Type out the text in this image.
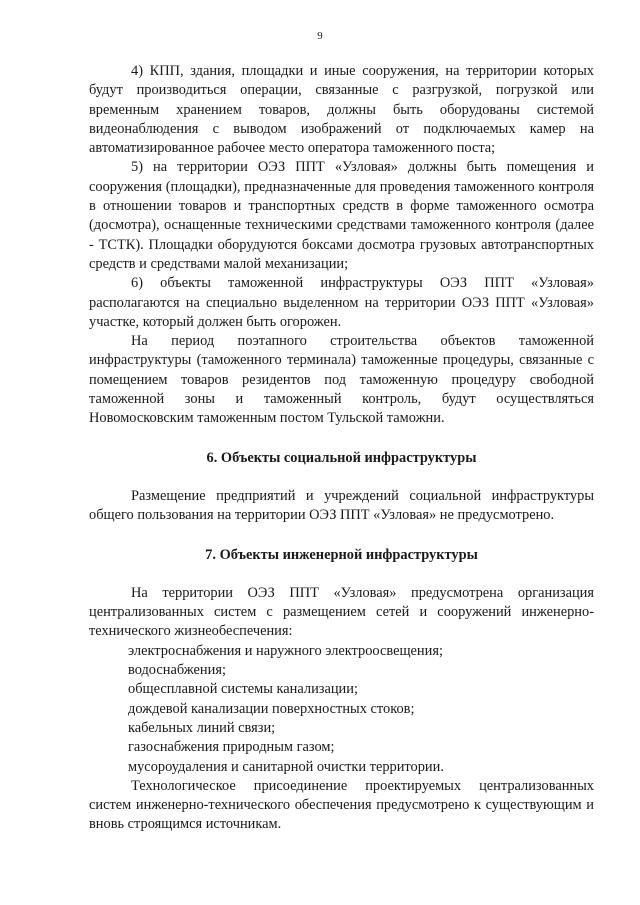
9

4) КПП, здания, площадки и иные сооружения, на территории которых будут производиться операции, связанные с разгрузкой, погрузкой или временным хранением товаров, должны быть оборудованы системой видеонаблюдения с выводом изображений от подключаемых камер на автоматизированное рабочее место оператора таможенного поста;

5) на территории ОЭЗ ППТ «Узловая» должны быть помещения и сооружения (площадки), предназначенные для проведения таможенного контроля в отношении товаров и транспортных средств в форме таможенного осмотра (досмотра), оснащенные техническими средствами таможенного контроля (далее - ТСТК). Площадки оборудуются боксами досмотра грузовых автотранспортных средств и средствами малой механизации;

6) объекты таможенной инфраструктуры ОЭЗ ППТ «Узловая» располагаются на специально выделенном на территории ОЭЗ ППТ «Узловая» участке, который должен быть огорожен.

На период поэтапного строительства объектов таможенной инфраструктуры (таможенного терминала) таможенные процедуры, связанные с помещением товаров резидентов под таможенную процедуру свободной таможенной зоны и таможенный контроль, будут осуществляться Новомосковским таможенным постом Тульской таможни.

6. Объекты социальной инфраструктуры

Размещение предприятий и учреждений социальной инфраструктуры общего пользования на территории ОЭЗ ППТ «Узловая» не предусмотрено.

7. Объекты инженерной инфраструктуры

На территории ОЭЗ ППТ «Узловая» предусмотрена организация централизованных систем с размещением сетей и сооружений инженерно-технического жизнеобеспечения:

электроснабжения и наружного электроосвещения;

водоснабжения;

общесплавной системы канализации;

дождевой канализации поверхностных стоков;

кабельных линий связи;

газоснабжения природным газом;

мусороудаления и санитарной очистки территории.

Технологическое присоединение проектируемых централизованных систем инженерно-технического обеспечения предусмотрено к существующим и вновь строящимся источникам.
